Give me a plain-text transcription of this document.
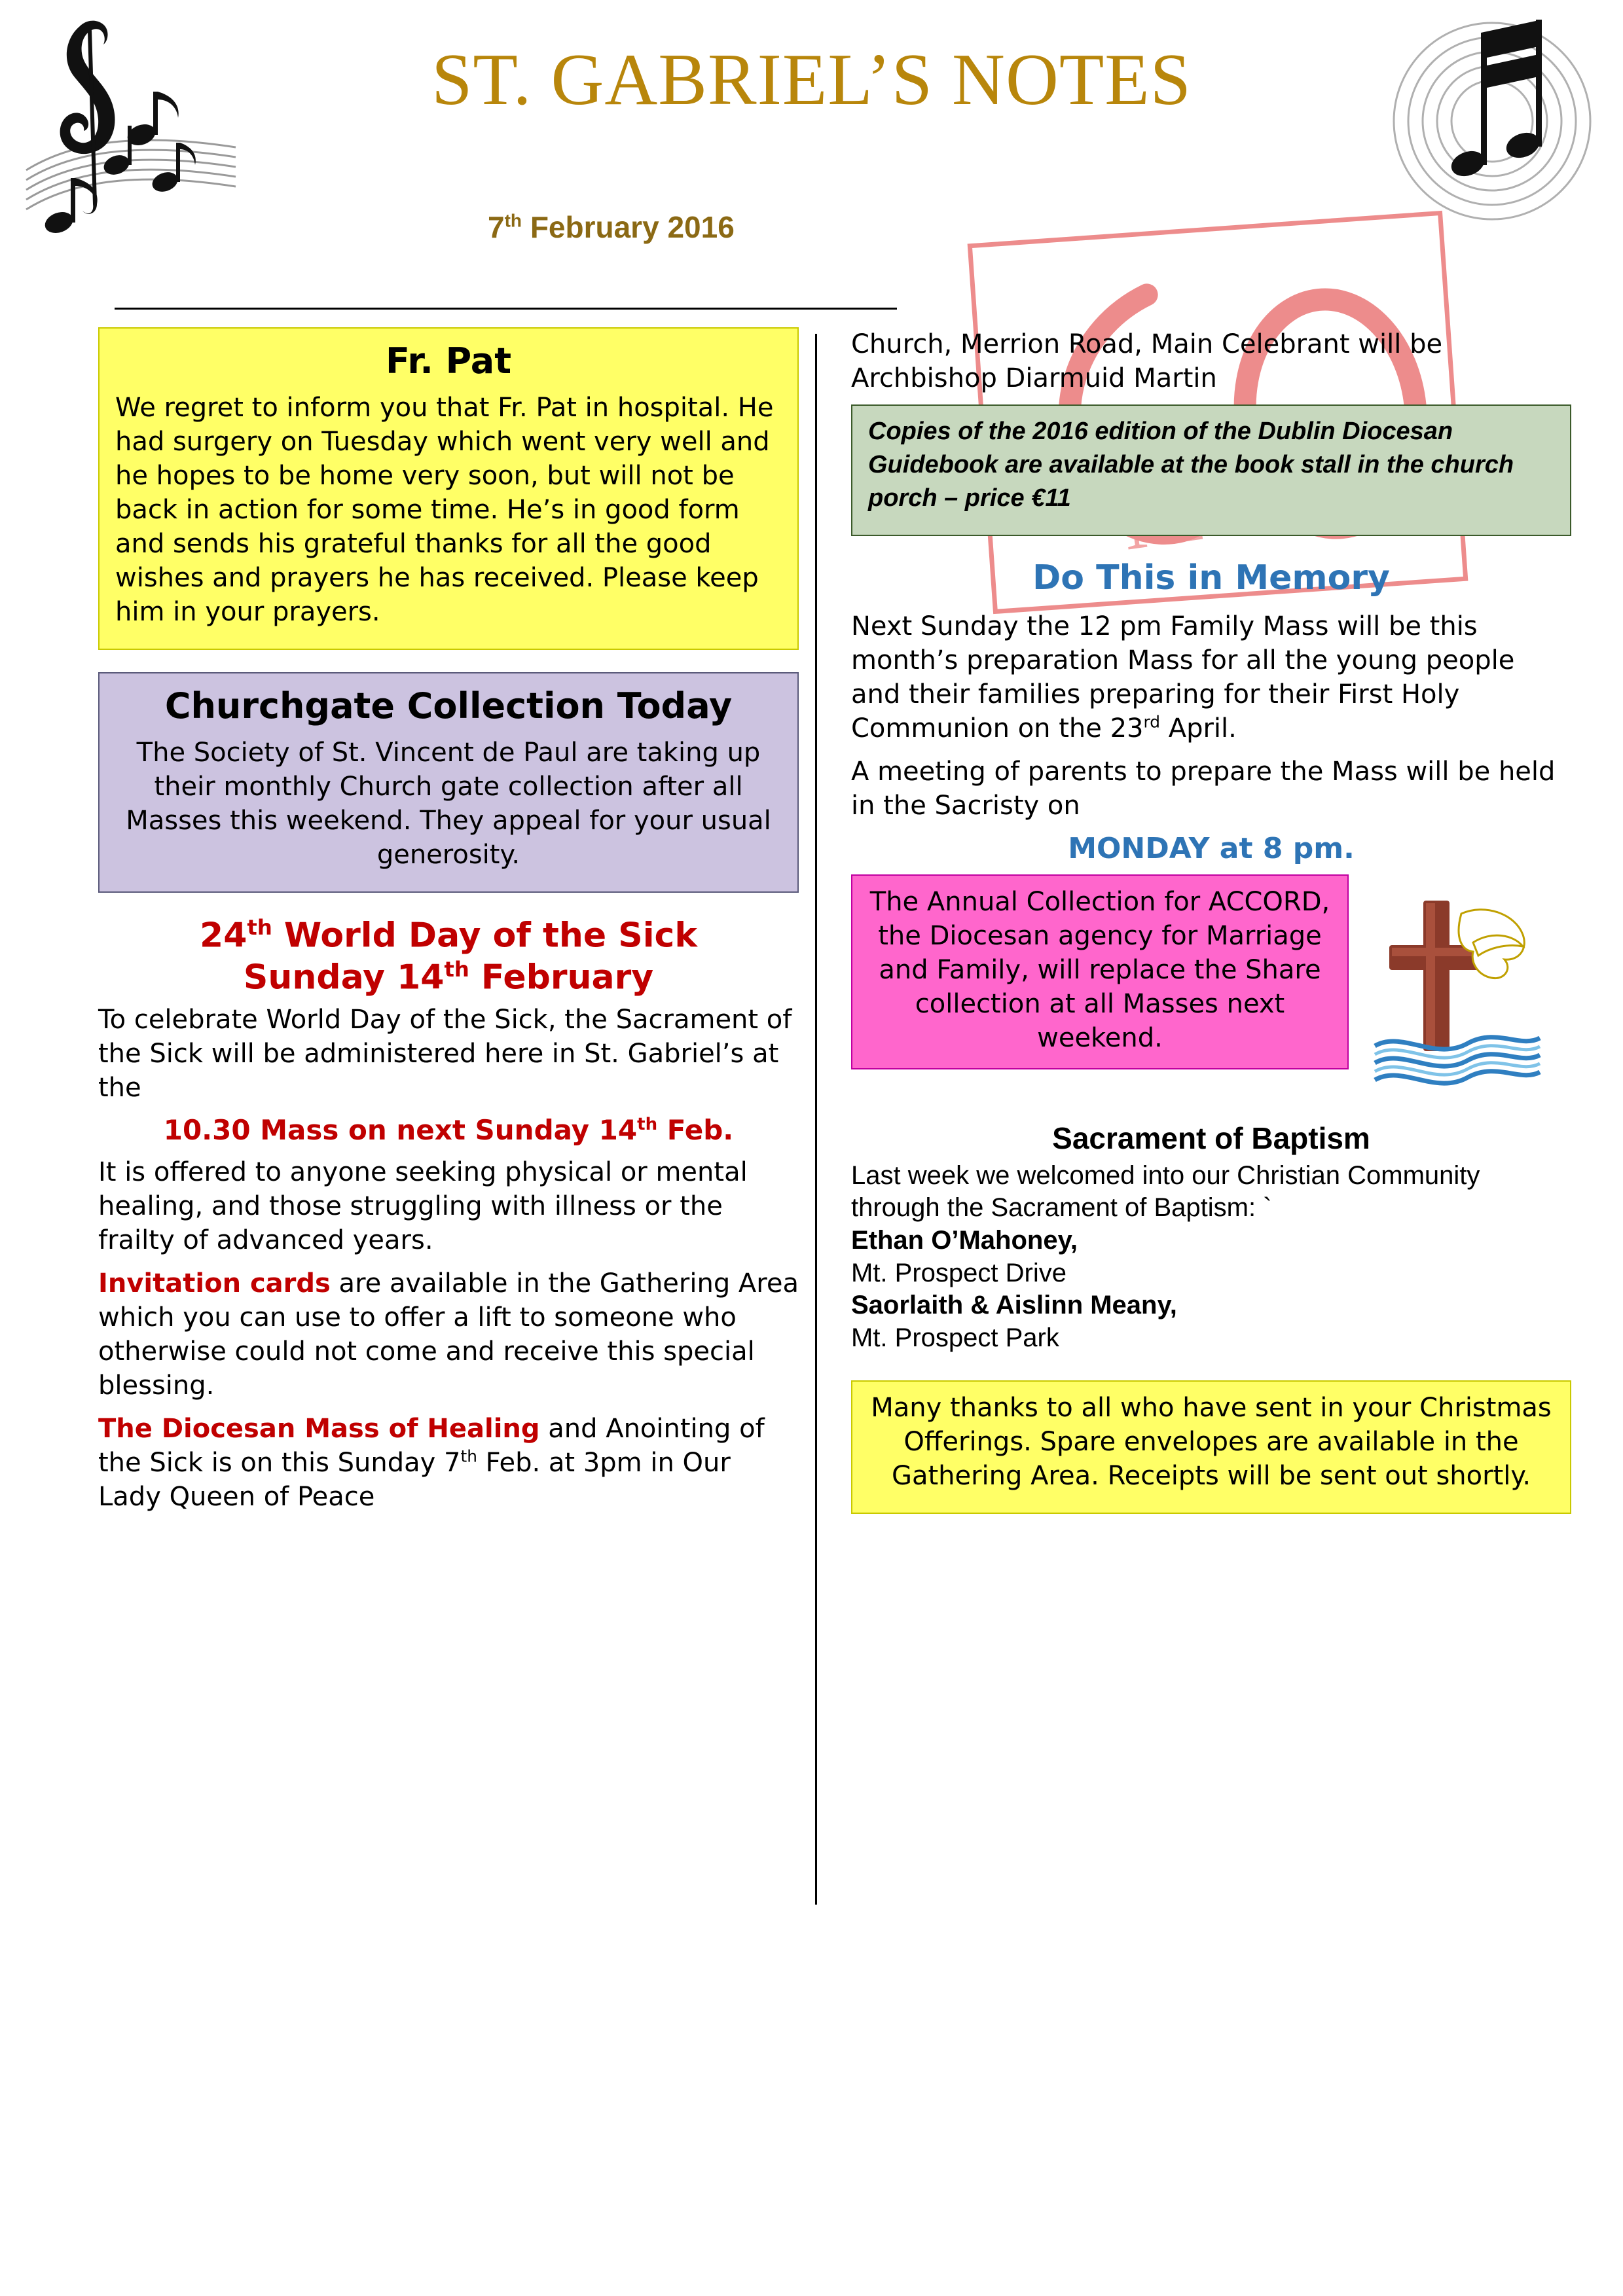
ST. GABRIEL’S NOTES
7th February 2016
Fr. Pat

We regret to inform you that Fr. Pat in hospital. He had surgery on Tuesday which went very well and he hopes to be home very soon, but will not be back in action for some time. He’s in good form and sends his grateful thanks for all the good wishes and prayers he has received. Please keep him in your prayers.

Churchgate Collection Today

The Society of St. Vincent de Paul are taking up their monthly Church gate collection after all Masses this weekend. They appeal for your usual generosity.

24th World Day of the Sick
Sunday 14th February

To celebrate World Day of the Sick, the Sacrament of the Sick will be administered here in St. Gabriel’s at the

10.30 Mass on next Sunday 14th Feb.

It is offered to anyone seeking physical or mental healing, and those struggling with illness or the frailty of advanced years.

Invitation cards are available in the Gathering Area which you can use to offer a lift to someone who otherwise could not come and receive this special blessing.

The Diocesan Mass of Healing and Anointing of the Sick is on this Sunday 7th Feb. at 3pm in Our Lady Queen of Peace

Church, Merrion Road, Main Celebrant will be Archbishop Diarmuid Martin

Copies of the 2016 edition of the Dublin Diocesan Guidebook are available at the book stall in the church porch – price €11

Do This in Memory

Next Sunday the 12 pm Family Mass will be this month’s preparation Mass for all the young people and their families preparing for their First Holy Communion on the 23rd April.

A meeting of parents to prepare the Mass will be held in the Sacristy on

MONDAY at 8 pm.

The Annual Collection for ACCORD, the Diocesan agency for Marriage and Family, will replace the Share collection at all Masses next weekend.

Sacrament of Baptism

Last week we welcomed into our Christian Community through the Sacrament of Baptism: `

Ethan O’Mahoney,

Mt. Prospect Drive

Saorlaith & Aislinn Meany,

Mt. Prospect Park

Many thanks to all who have sent in your Christmas Offerings. Spare envelopes are available in the Gathering Area. Receipts will be sent out shortly.
